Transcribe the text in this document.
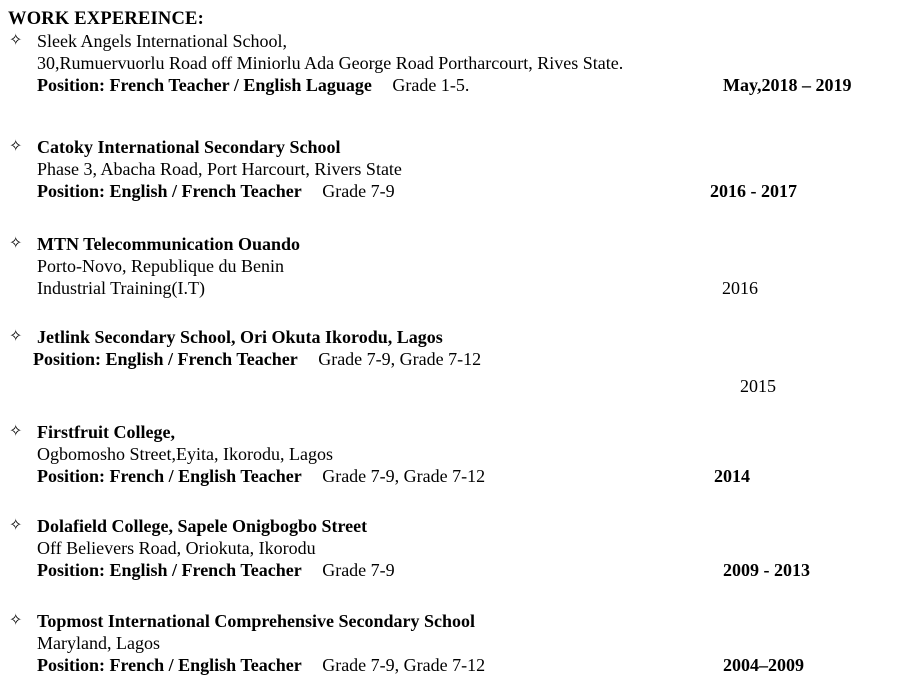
WORK EXPEREINCE:
✧ Sleek Angels International School,
30,Rumuervuorlu Road off Miniorlu Ada George Road Portharcourt, Rives State.
Position: French Teacher / English Laguage Grade 1-5.	May,2018 – 2019
✧ Catoky International Secondary School
Phase 3, Abacha Road, Port Harcourt, Rivers State
Position: English / French Teacher Grade 7-9	2016 - 2017
✧ MTN Telecommunication Ouando
Porto-Novo, Republique du Benin
Industrial Training(I.T)	2016
✧ Jetlink Secondary School, Ori Okuta Ikorodu, Lagos
Position: English / French Teacher Grade 7-9, Grade 7-12
2015
✧ Firstfruit College,
Ogbomosho Street,Eyita, Ikorodu, Lagos
Position: French / English Teacher Grade 7-9, Grade 7-12	2014
✧ Dolafield College, Sapele Onigbogbo Street
Off Believers Road, Oriokuta, Ikorodu
Position: English / French Teacher Grade 7-9	2009 - 2013
✧ Topmost International Comprehensive Secondary School
Maryland, Lagos
Position: French / English Teacher Grade 7-9, Grade 7-12	2004–2009
